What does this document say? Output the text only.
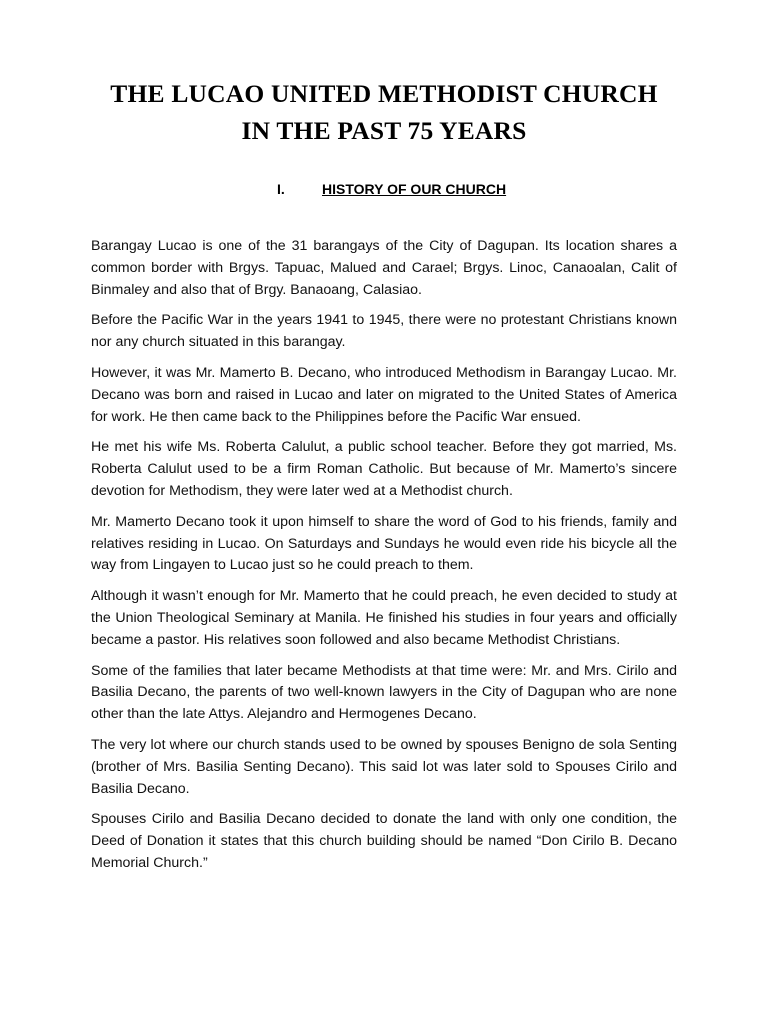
THE LUCAO UNITED METHODIST CHURCH
IN THE PAST 75 YEARS
I.	HISTORY OF OUR CHURCH

Barangay Lucao is one of the 31 barangays of the City of Dagupan. Its location shares a common border with Brgys. Tapuac, Malued and Carael; Brgys. Linoc, Canaoalan, Calit of Binmaley and also that of Brgy. Banaoang, Calasiao.

Before the Pacific War in the years 1941 to 1945, there were no protestant Christians known nor any church situated in this barangay.

However, it was Mr. Mamerto B. Decano, who introduced Methodism in Barangay Lucao. Mr. Decano was born and raised in Lucao and later on migrated to the United States of America for work. He then came back to the Philippines before the Pacific War ensued.

He met his wife Ms. Roberta Calulut, a public school teacher. Before they got married, Ms. Roberta Calulut used to be a firm Roman Catholic. But because of Mr. Mamerto’s sincere devotion for Methodism, they were later wed at a Methodist church.

Mr. Mamerto Decano took it upon himself to share the word of God to his friends, family and relatives residing in Lucao. On Saturdays and Sundays he would even ride his bicycle all the way from Lingayen to Lucao just so he could preach to them.

Although it wasn’t enough for Mr. Mamerto that he could preach, he even decided to study at the Union Theological Seminary at Manila. He finished his studies in four years and officially became a pastor. His relatives soon followed and also became Methodist Christians.

Some of the families that later became Methodists at that time were: Mr. and Mrs. Cirilo and Basilia Decano, the parents of two well-known lawyers in the City of Dagupan who are none other than the late Attys. Alejandro and Hermogenes Decano.

The very lot where our church stands used to be owned by spouses Benigno de sola Senting (brother of Mrs. Basilia Senting Decano). This said lot was later sold to Spouses Cirilo and Basilia Decano.

Spouses Cirilo and Basilia Decano decided to donate the land with only one condition, the Deed of Donation it states that this church building should be named “Don Cirilo B. Decano Memorial Church.”
